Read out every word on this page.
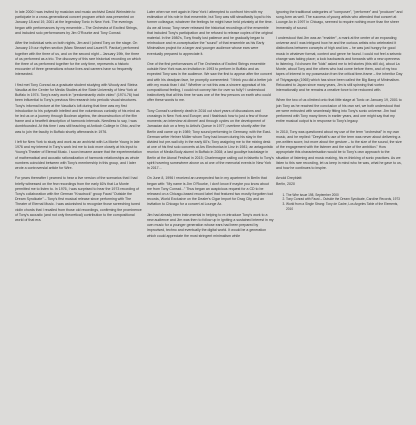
In late 2000 I was invited by musician and music archivist David Weinstein to participate in a cross-generational concert program which was presented on January 18 and 19, 2001 at the legendary Tonic in New York. The evenings began with performances by my ensemble – The Orchestra of Excited Strings, and included solo performances by Jim O'Rourke and Tony Conrad.

After the individual sets on both nights, Jim and I joined Tony on the stage. On January 19 our rhythm section (Marc Stewart and Laurel R. Pardue) performed together with the three of us, and on the second night – January 19th, the three of us performed as a trio. The discovery of this rare historical recording on which the three of us performed together for the only time, represents a historic encounter of three generations whose lives and careers have so frequently intersected.

I first met Tony Conrad as a graduate student studying with Woody and Steina Vasulka at the Center for Media Studies at the State University of New York at Buffalo in 1974. Tony's early work in "predominantly violin video" (1974-76) had been influential to Tony's previous film research into periodic visual structures. Tony's informal lecture at the Vasulka's loft during that time was my first introduction to his polymath intellect and the voluminous curiosity of his mind as he led us on a journey through Boolean algebra, the deconstruction of the film frame and a heartfelt description of harmonic intervals. Needless to say, I was dumbfounded. At this time I was still teaching at Antioch College in Ohio, and he was to join the faculty in Buffalo shortly afterwards in 1976.

I left for New York to study and work as an archivist with La Monte Young in late 1976 and my interest in Tony's work led me to look more closely at his input to Young's Theater of Eternal Music. I soon became aware that the experimentation of mathematical and acoustic rationalization of harmonic relationships as whole numbers coincided between with Tony's membership in this group, and I later wrote a controversial article for Wire.

For years thereafter I yearned to hear a live version of the scenarios that I had briefly witnessed on the few recordings from the early 60's that La Monte permitted me to listen to. In 1976, I was surprised to hear the 1973 recording of Tony's collaboration with the German "Krautrock" group Faust "Outside the Dream Syndicate" – Tony's first musical release since performing with The Theater of Eternal Music. I was astonished to recognize those screeching tuned violin chords that I recalled from those old recordings, confirming the prominence of Tony's acoustic (and not only theoretical) contribution to the compositional world of that era.

Later when we met again in New York I attempted to confront him with my estimation of his role in that ensemble, but Tony was still steadfastly loyal to his former colleague, whatever the feelings he might have held privately at the time. As we all know, Tony never released the historical recordings of the ensemble that included Tony's participation and he refused to release copies of the original material. In the 1980's, Tony finally lost patience and he gradually began to reintroduce and re-conceptualize the "sound" of that ensemble as his Early Minimalism project for a larger and younger audience whose ears were eventually prepared to appreciate it.

One of the first performances of The Orchestra of Excited Strings ensemble outside New York was an invitation in 1993 to perform in Buffalo and as expected Tony was in the audience. We saw the first to appear after the concert and with his deadpan face, he promptly commented: "I think you did a better job with my music than I did." Whether or not this was a sincere appraisal of his compositional feeling, I could not convey him for over so fully? I understood instinctively that all this time he was one of the few persons on earth who could offer these words to me.

Tony Conrad's untimely death in 2016 cut short years of discussions and crossings in New York and Europe; and I flashback how to just a few of those moments; an interview at dinner! and through cycles on the development of Jamacian dub on a ferry to Artist's Queue in 1977; overtime shortly after the Berlin wall came up in 1989; Tony sound performing in Germany, with the East-German writer Heiner Müller whom Tony had known during his stay in the divided but pre-wall city in the early 60's; Tony assigning me to the mixing desk at one of his first solo concerts at Ars Electronica in Linz in 1981; an antagonistic reunion of Media Body alumni in Buffalo in 2008; a last goodbye backstage in Berlin at the Atonal Festival in 2015; Charlemagne calling out in falsetto to Tony's spirit hovering somewhere above us at one of the memorial events in New York in 2017...

On June 8, 1996 I received an unexpected fax in my apartment in Berlin that began with: "My name is Jim O'Rourke, I don't know if maybe you know about me from Tony Conrad..." Thus began an auspicious request for a CD to be released on a Chicago-based record label that featured two mostly forgotten tool records, World Exclusive on the Dealer's Cigar Import for Drag City and an invitation to Chicago for a concert at Lounge Ax.

Jim had already been instrumental in helping to re-introduce Tony's work to a new audience and Jim was then to follow up in igniting a sustained interest in my own music for a younger generation whose ears had been prepared by improvised, techno and eventually the digital world. It would be a generation which could appreciate the most stringent minimalism while

ignoring the traditional categories of "composer", "performer" and "producer" and song-form as well. The success of young artists who attended that concert at Lounge Ax in 1997 in Chicago, seemed to require nothing more than the sheer immensity of sound.

I understood that Jim was an "enabler", a mark at the center of an expanding universe and I was intrigued how he and the curious artists who celebrated it distinctions between concepts of high and low – he was just hungry for good music in whatever format, context and genre he found. I could not feel a seismic change was taking place; a look backwards and forwards with a new openness to listening. I'd chosen the "kids" asked me to tell stories (this still do), about La Monte, about Tony and the others who had come before them, and of my two tapes of interest in my possession from the critical time-frame – the inheritor Day of Thiyagaraja (1965) which has since been called the Big Bang of Minimalism. Relocated to Japan since many years, Jim is still spinning that vortex internationally and he remains a creative force to be reckoned with.

When the two of us climbed onto that little stage at Tonic on January 19, 2001 to join Tony as he reached the conclusion of his own set, we both understood that we were entrusted with seamlessly fitting into Tony's sonic universe. Jim had performed with Tony many times in earlier years, and one might say that my entire musical output is in response to Tony's legacy.

In 2010, Tony was questioned about my use of the term "orchestral" in my own music, and he replied: "Dreyblatt's use of the term was never about delivering a pre-written score, but more about the gesture – to the size of the sound, the size of the engagement with the listener and the size of the ambition." How appropriate this characterisation would be to Tony's own approach to the situation of listening and music making, his re-thinking of sonic practices. As we listen to this rare recording, let us keep in mind who he was, what he gave to us, and how he continues to inspire.

Arnold Dreyblatt
Berlin, 2020

1. The Wire issue 198, September 2000
2. Tony Conrad with Faust – Outside the Dream Syndicate, Caroline Records, 1973
3. World from a Single Strong: Tony de Cadre, Los Angeles Table of the Elements, 2010
